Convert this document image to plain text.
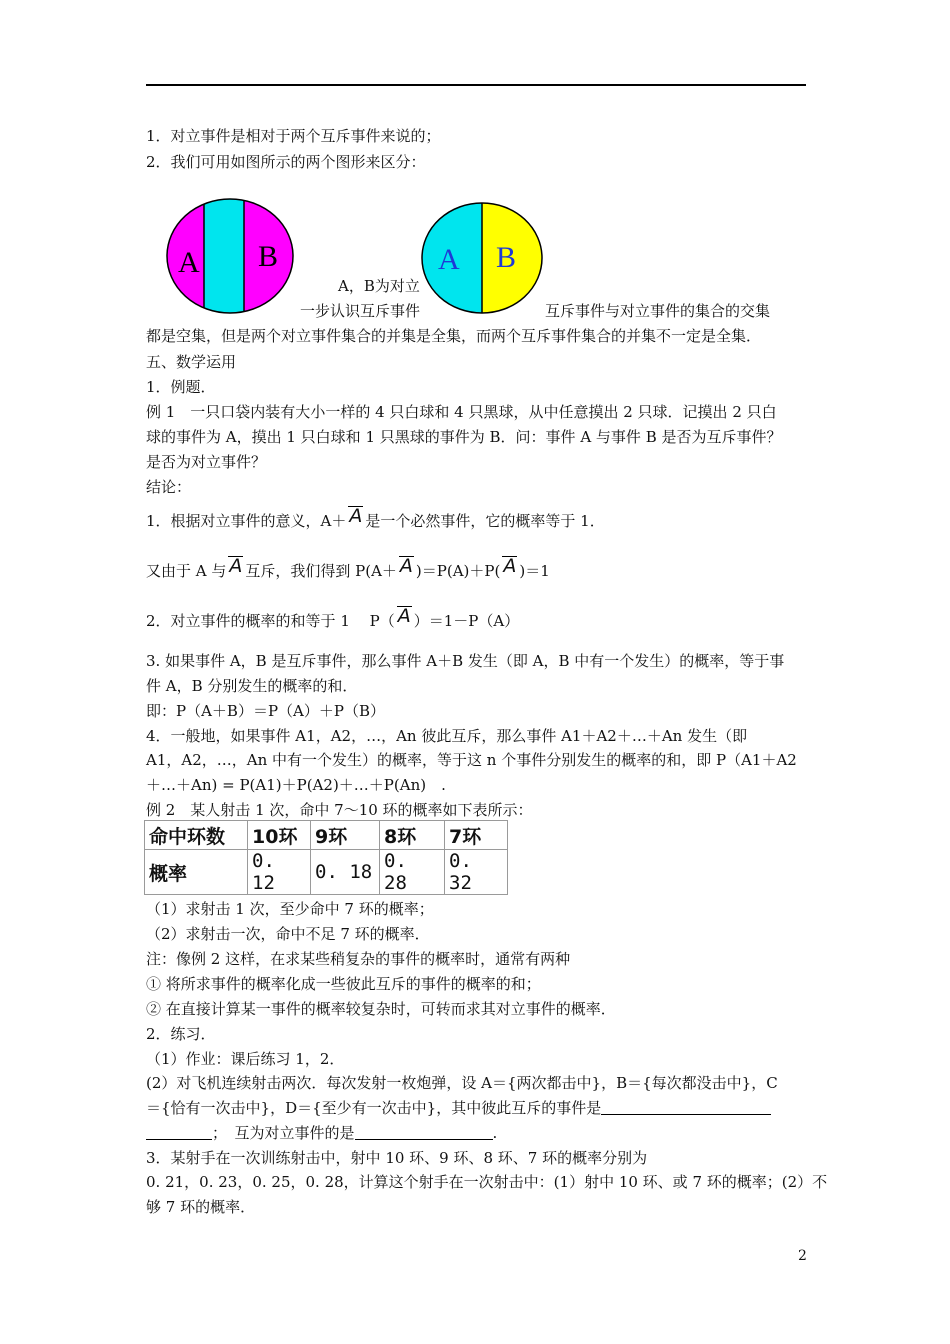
1．对立事件是相对于两个互斥事件来说的；
2．我们可用如图所示的两个图形来区分：
A B	A B
A，B为对立
一步认识互斥事件	互斥事件与对立事件的集合的交集
都是空集，但是两个对立事件集合的并集是全集，而两个互斥事件集合的并集不一定是全集．
五、数学运用
1．例题．
例 1　一只口袋内装有大小一样的 4 只白球和 4 只黑球，从中任意摸出 2 只球．记摸出 2 只白
球的事件为 A，摸出 1 只白球和 1 只黑球的事件为 B．问：事件 A 与事件 B 是否为互斥事件？
是否为对立事件？
结论：
1．根据对立事件的意义，A＋ A 是一个必然事件，它的概率等于 1．
又由于 A 与 A 互斥，我们得到 P(A＋ A )＝P(A)＋P( A )＝1
2．对立事件的概率的和等于 1　 P（ A ）＝1－P（A）
3. 如果事件 A，B 是互斥事件，那么事件 A＋B 发生（即 A，B 中有一个发生）的概率，等于事
件 A，B 分别发生的概率的和．
即：P（A＋B）＝P（A）＋P（B）
4．一般地，如果事件 A1，A2，…，An 彼此互斥，那么事件 A1＋A2＋…＋An 发生（即
A1，A2，…，An 中有一个发生）的概率，等于这 n 个事件分别发生的概率的和，即 P（A1＋A2
＋…＋An) = P(A1)＋P(A2)＋…＋P(An)　.
例 2　某人射击 1 次，命中 7～10 环的概率如下表所示：
命中环数	10环	9环	8环	7环
概率	0. 12	0. 18	0. 28	0. 32
（1）求射击 1 次，至少命中 7 环的概率；
（2）求射击一次，命中不足 7 环的概率．
注：像例 2 这样，在求某些稍复杂的事件的概率时，通常有两种
① 将所求事件的概率化成一些彼此互斥的事件的概率的和；
② 在直接计算某一事件的概率较复杂时，可转而求其对立事件的概率．
2．练习．
（1）作业：课后练习 1，2．
(2）对飞机连续射击两次．每次发射一枚炮弹，设 A＝{两次都击中}，B＝{每次都没击中}，C
＝{恰有一次击中}，D＝{至少有一次击中}，其中彼此互斥的事件是
；　互为对立事件的是	.
3．某射手在一次训练射击中，射中 10 环、9 环、8 环、7 环的概率分别为
0. 21，0. 23，0. 25，0. 28，计算这个射手在一次射击中：(1）射中 10 环、或 7 环的概率；(2）不
够 7 环的概率．
2
